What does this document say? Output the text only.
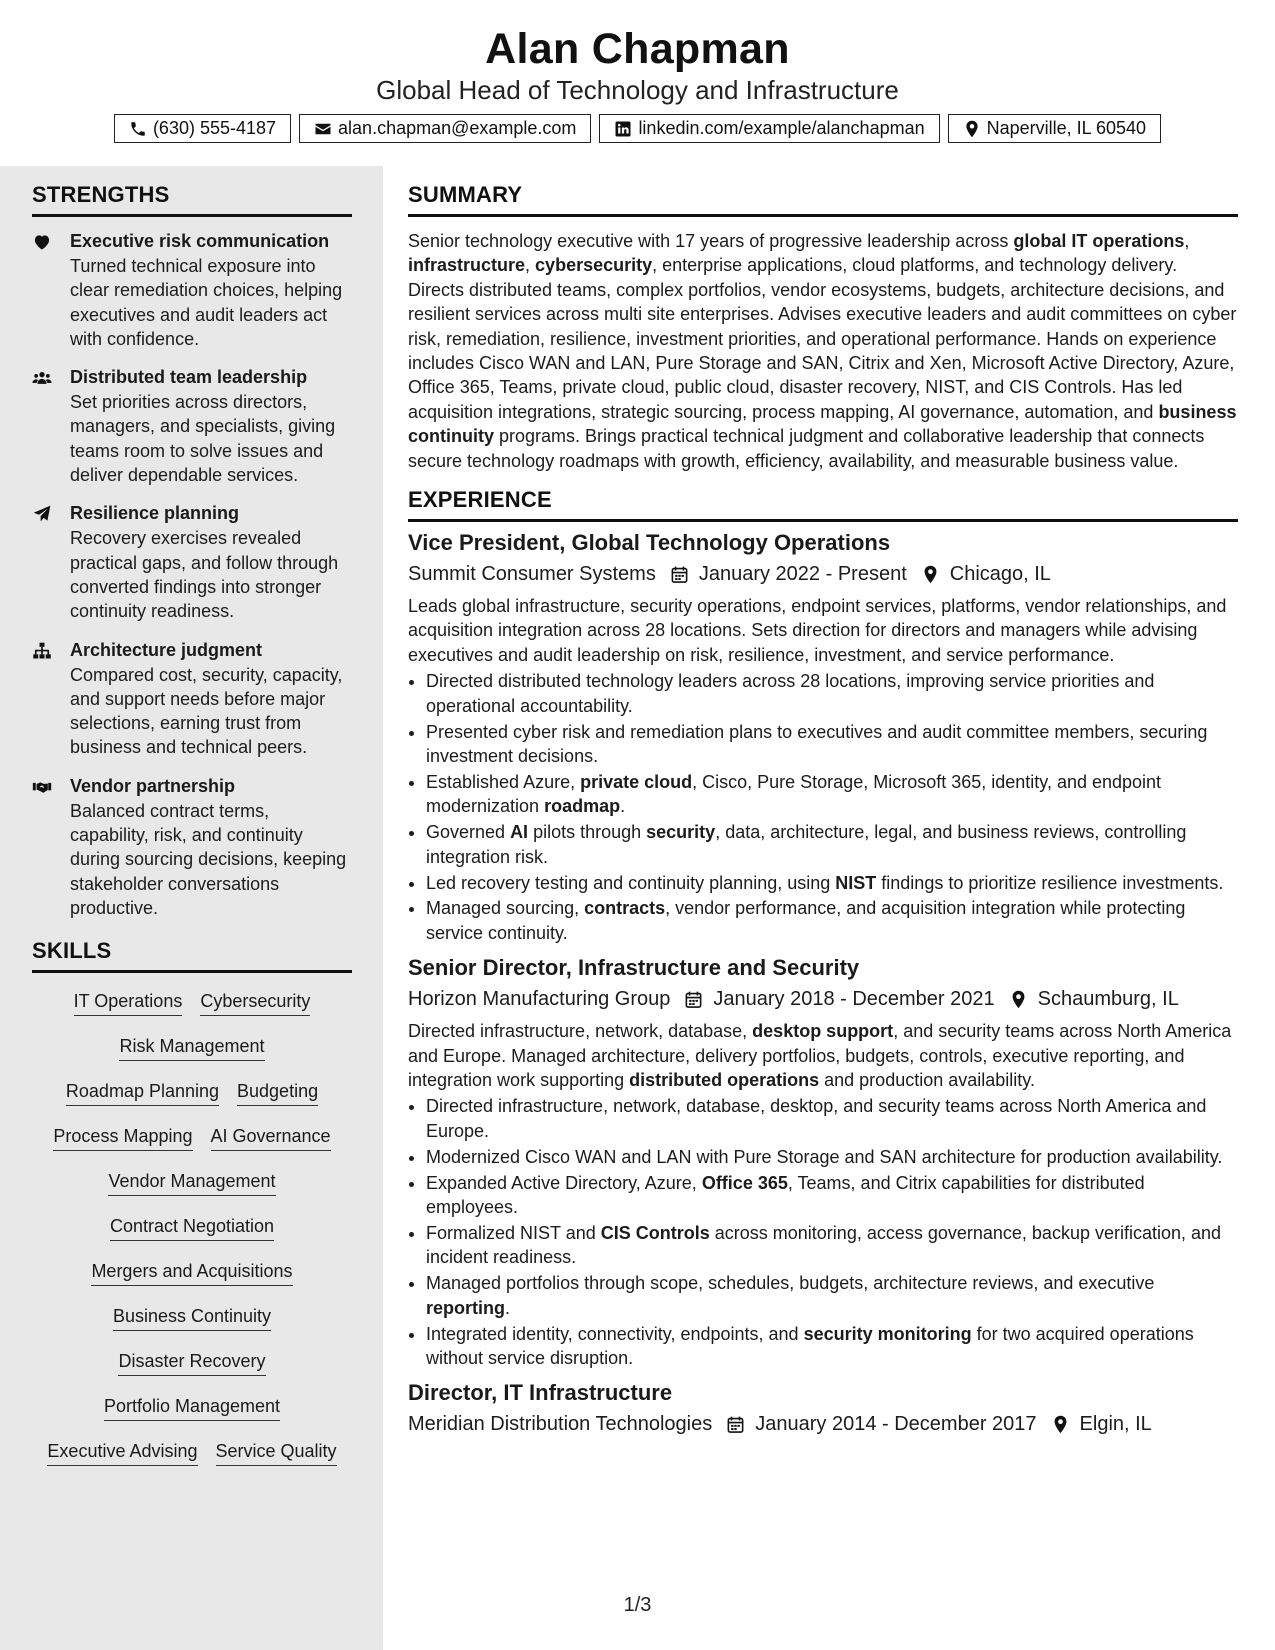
Alan Chapman
Global Head of Technology and Infrastructure
(630) 555-4187	alan.chapman@example.com	linkedin.com/example/alanchapman	Naperville, IL 60540
STRENGTHS
Executive risk communication
Turned technical exposure into clear remediation choices, helping executives and audit leaders act with confidence.
Distributed team leadership
Set priorities across directors, managers, and specialists, giving teams room to solve issues and deliver dependable services.
Resilience planning
Recovery exercises revealed practical gaps, and follow through converted findings into stronger continuity readiness.
Architecture judgment
Compared cost, security, capacity, and support needs before major selections, earning trust from business and technical peers.
Vendor partnership
Balanced contract terms, capability, risk, and continuity during sourcing decisions, keeping stakeholder conversations productive.
SKILLS
IT Operations Cybersecurity
Risk Management
Roadmap Planning Budgeting
Process Mapping AI Governance
Vendor Management
Contract Negotiation
Mergers and Acquisitions
Business Continuity
Disaster Recovery
Portfolio Management
Executive Advising Service Quality
SUMMARY
Senior technology executive with 17 years of progressive leadership across global IT operations, infrastructure, cybersecurity, enterprise applications, cloud platforms, and technology delivery. Directs distributed teams, complex portfolios, vendor ecosystems, budgets, architecture decisions, and resilient services across multi site enterprises. Advises executive leaders and audit committees on cyber risk, remediation, resilience, investment priorities, and operational performance. Hands on experience includes Cisco WAN and LAN, Pure Storage and SAN, Citrix and Xen, Microsoft Active Directory, Azure, Office 365, Teams, private cloud, public cloud, disaster recovery, NIST, and CIS Controls. Has led acquisition integrations, strategic sourcing, process mapping, AI governance, automation, and business continuity programs. Brings practical technical judgment and collaborative leadership that connects secure technology roadmaps with growth, efficiency, availability, and measurable business value.
EXPERIENCE
Vice President, Global Technology Operations
Summit Consumer Systems January 2022 - Present Chicago, IL
Leads global infrastructure, security operations, endpoint services, platforms, vendor relationships, and acquisition integration across 28 locations. Sets direction for directors and managers while advising executives and audit leadership on risk, resilience, investment, and service performance.
• Directed distributed technology leaders across 28 locations, improving service priorities and operational accountability.
• Presented cyber risk and remediation plans to executives and audit committee members, securing investment decisions.
• Established Azure, private cloud, Cisco, Pure Storage, Microsoft 365, identity, and endpoint modernization roadmap.
• Governed AI pilots through security, data, architecture, legal, and business reviews, controlling integration risk.
• Led recovery testing and continuity planning, using NIST findings to prioritize resilience investments.
• Managed sourcing, contracts, vendor performance, and acquisition integration while protecting service continuity.
Senior Director, Infrastructure and Security
Horizon Manufacturing Group January 2018 - December 2021 Schaumburg, IL
Directed infrastructure, network, database, desktop support, and security teams across North America and Europe. Managed architecture, delivery portfolios, budgets, controls, executive reporting, and integration work supporting distributed operations and production availability.
• Directed infrastructure, network, database, desktop, and security teams across North America and Europe.
• Modernized Cisco WAN and LAN with Pure Storage and SAN architecture for production availability.
• Expanded Active Directory, Azure, Office 365, Teams, and Citrix capabilities for distributed employees.
• Formalized NIST and CIS Controls across monitoring, access governance, backup verification, and incident readiness.
• Managed portfolios through scope, schedules, budgets, architecture reviews, and executive reporting.
• Integrated identity, connectivity, endpoints, and security monitoring for two acquired operations without service disruption.
Director, IT Infrastructure
Meridian Distribution Technologies January 2014 - December 2017 Elgin, IL
1/3
